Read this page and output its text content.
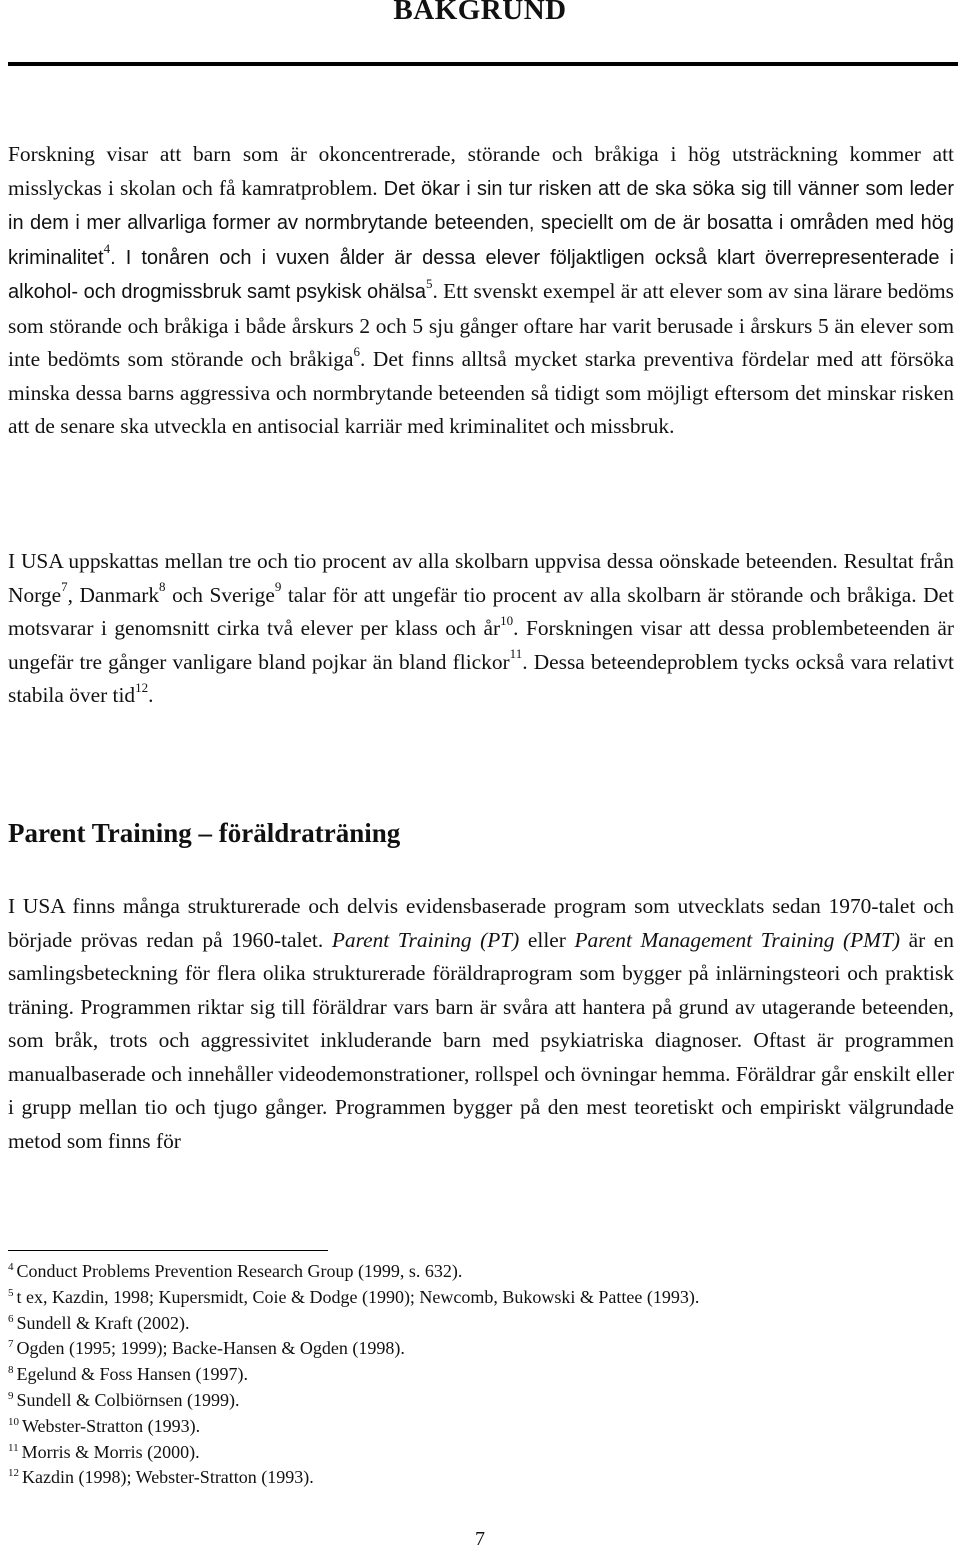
BAKGRUND

Forskning visar att barn som är okoncentrerade, störande och bråkiga i hög utsträckning kommer att misslyckas i skolan och få kamratproblem. Det ökar i sin tur risken att de ska söka sig till vänner som leder in dem i mer allvarliga former av normbrytande beteenden, speciellt om de är bosatta i områden med hög kriminalitet$^4$. I tonåren och i vuxen ålder är dessa elever följaktligen också klart överrepresenterade i alkohol- och drogmissbruk samt psykisk ohälsa$^5$. Ett svenskt exempel är att elever som av sina lärare bedöms som störande och bråkiga i både årskurs 2 och 5 sju gånger oftare har varit berusade i årskurs 5 än elever som inte bedömts som störande och bråkiga$^6$. Det finns alltså mycket starka preventiva fördelar med att försöka minska dessa barns aggressiva och normbrytande beteenden så tidigt som möjligt eftersom det minskar risken att de senare ska utveckla en antisocial karriär med kriminalitet och missbruk.

I USA uppskattas mellan tre och tio procent av alla skolbarn uppvisa dessa oönskade beteenden. Resultat från Norge$^7$, Danmark$^8$ och Sverige$^9$ talar för att ungefär tio procent av alla skolbarn är störande och bråkiga. Det motsvarar i genomsnitt cirka två elever per klass och $år^{10}$. Forskningen visar att dessa problembeteenden är ungefär tre gånger vanligare bland pojkar än bland flickor$^{11}$. Dessa beteendeproblem tycks också vara relativt stabila över tid$^{12}$.

Parent Training – föräldraträning

I USA finns många strukturerade och delvis evidensbaserade program som utvecklats sedan 1970-talet och började prövas redan på 1960-talet. Parent Training (PT) eller Parent Management Training (PMT) är en samlingsbeteckning för flera olika strukturerade föräldraprogram som bygger på inlärningsteori och praktisk träning. Programmen riktar sig till föräldrar vars barn är svåra att hantera på grund av utagerande beteenden, som bråk, trots och aggressivitet inkluderande barn med psykiatriska diagnoser. Oftast är programmen manualbaserade och innehåller videodemonstrationer, rollspel och övningar hemma. Föräldrar går enskilt eller i grupp mellan tio och tjugo gånger. Programmen bygger på den mest teoretiskt och empiriskt välgrundade metod som finns för

$^4$ Conduct Problems Prevention Research Group (1999, s. 632).
$^5$ t ex, Kazdin, 1998; Kupersmidt, Coie & Dodge (1990); Newcomb, Bukowski & Pattee (1993).
$^6$ Sundell & Kraft (2002).
$^7$ Ogden (1995; 1999); Backe-Hansen & Ogden (1998).
$^8$ Egelund & Foss Hansen (1997).
$^9$ Sundell & Colbiörnsen (1999).
$^{10}$ Webster-Stratton (1993).
$^{11}$ Morris & Morris (2000).
$^{12}$ Kazdin (1998); Webster-Stratton (1993).

7
